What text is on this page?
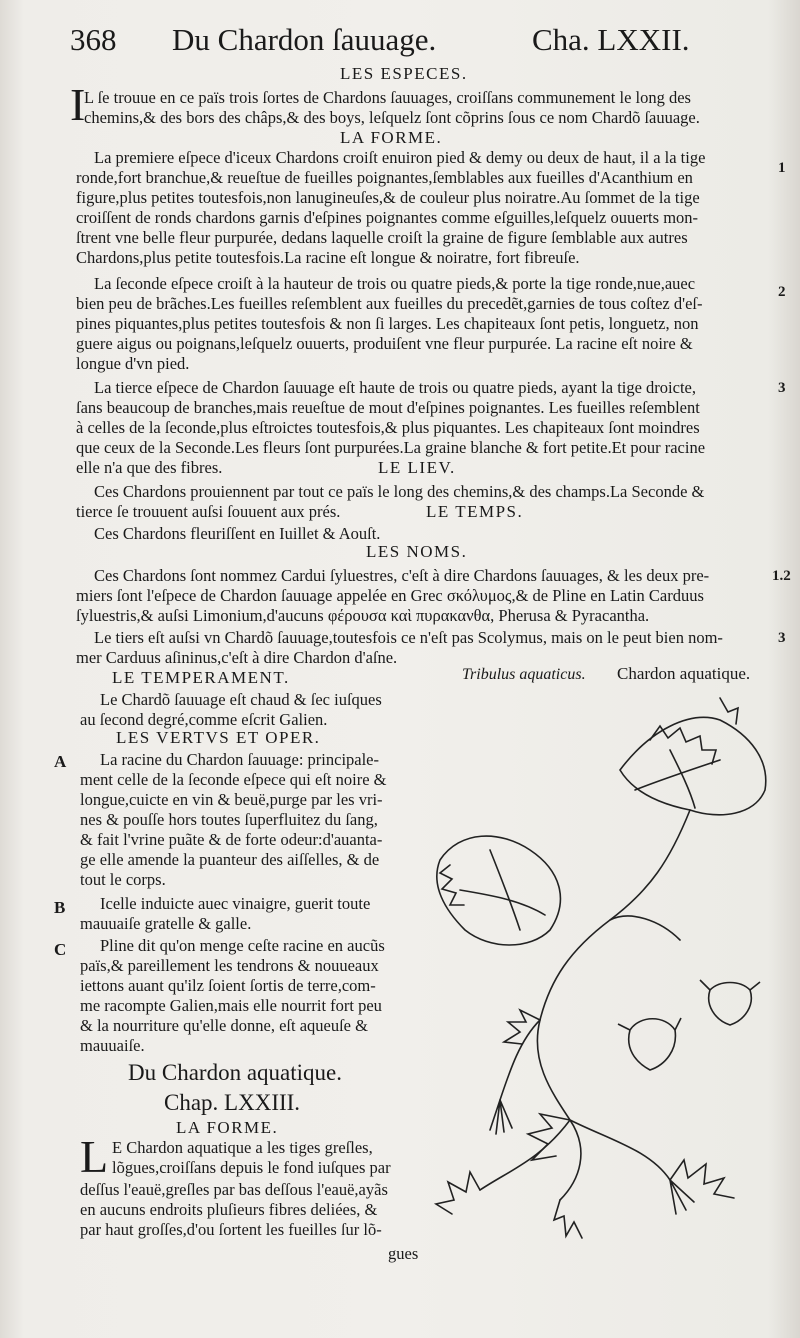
368 Du Chardon ſauuage.	Cha. LXXII.
LES ESPECES.
I
L ſe trouue en ce païs trois ſortes de Chardons ſauuages, croiſſans communement le long des
chemins,& des bors des châps,& des boys, leſquelz ſont cõprins ſous ce nom Chardõ ſauuage.
LA FORME.
La premiere eſpece d'iceux Chardons croiſt enuiron pied & demy ou deux de haut, il a la tige
1
ronde,fort branchue,& reueſtue de fueilles poignantes,ſemblables aux fueilles d'Acanthium en
figure,plus petites toutesfois,non lanugineuſes,& de couleur plus noiratre.Au ſommet de la tige
croiſſent de ronds chardons garnis d'eſpines poignantes comme eſguilles,leſquelz ouuerts mon-
ſtrent vne belle fleur purpurée, dedans laquelle croiſt la graine de figure ſemblable aux autres
Chardons,plus petite toutesfois.La racine eſt longue & noiratre, fort fibreuſe.
La ſeconde eſpece croiſt à la hauteur de trois ou quatre pieds,& porte la tige ronde,nue,auec	2
bien peu de brãches.Les fueilles reſemblent aux fueilles du precedẽt,garnies de tous coſtez d'eſ-
pines piquantes,plus petites toutesfois & non ſi larges. Les chapiteaux ſont petis, longuetz, non
guere aigus ou poignans,leſquelz ouuerts, produiſent vne fleur purpurée. La racine eſt noire &
longue d'vn pied.
La tierce eſpece de Chardon ſauuage eſt haute de trois ou quatre pieds, ayant la tige droicte,	3
ſans beaucoup de branches,mais reueſtue de mout d'eſpines poignantes. Les fueilles reſemblent
à celles de la ſeconde,plus eſtroictes toutesfois,& plus piquantes. Les chapiteaux ſont moindres
que ceux de la Seconde.Les fleurs ſont purpurées.La graine blanche & fort petite.Et pour racine
elle n'a que des fibres.	LE LIEV.
Ces Chardons prouiennent par tout ce païs le long des chemins,& des champs.La Seconde &
tierce ſe trouuent auſsi ſouuent aux prés.	LE TEMPS.
Ces Chardons fleuriſſent en Iuillet & Aouſt.
LES NOMS.
Ces Chardons ſont nommez Cardui ſyluestres, c'eſt à dire Chardons ſauuages, & les deux pre-	1.2
miers ſont l'eſpece de Chardon ſauuage appelée en Grec σκόλυμος,& de Pline en Latin Carduus
ſyluestris,& auſsi Limonium,d'aucuns φέρουσα καὶ πυρακανθα, Pherusa & Pyracantha.
Le tiers eſt auſsi vn Chardõ ſauuage,toutesfois ce n'eſt pas Scolymus, mais on le peut bien nom-	3
mer Carduus aſininus,c'eſt à dire Chardon d'aſne.
LE TEMPERAMENT.
Le Chardõ ſauuage eſt chaud & ſec iuſques
au ſecond degré,comme eſcrit Galien.
LES VERTVS ET OPER.
A La racine du Chardon ſauuage: principale-
ment celle de la ſeconde eſpece qui eſt noire &
longue,cuicte en vin & beuë,purge par les vri-
nes & pouſſe hors toutes ſuperfluitez du ſang,
& fait l'vrine puãte & de forte odeur:d'auanta-
ge elle amende la puanteur des aiſſelles, & de
tout le corps.
B Icelle induicte auec vinaigre, guerit toute
mauuaiſe gratelle & galle.
C Pline dit qu'on menge ceſte racine en aucũs
païs,& pareillement les tendrons & nouueaux
iettons auant qu'ilz ſoient ſortis de terre,com-
me racompte Galien,mais elle nourrit fort peu
& la nourriture qu'elle donne, eſt aqueuſe &
mauuaiſe.
Du Chardon aquatique.
Chap. LXXIII.
LA FORME.
L E Chardon aquatique a les tiges greſles,
lõgues,croiſſans depuis le fond iuſques par
deſſus l'eauë,greſles par bas deſſous l'eauë,ayãs
en aucuns endroits pluſieurs fibres deliées, &
par haut groſſes,d'ou ſortent les fueilles ſur lõ-
gues
Tribulus aquaticus. Chardon aquatique.
